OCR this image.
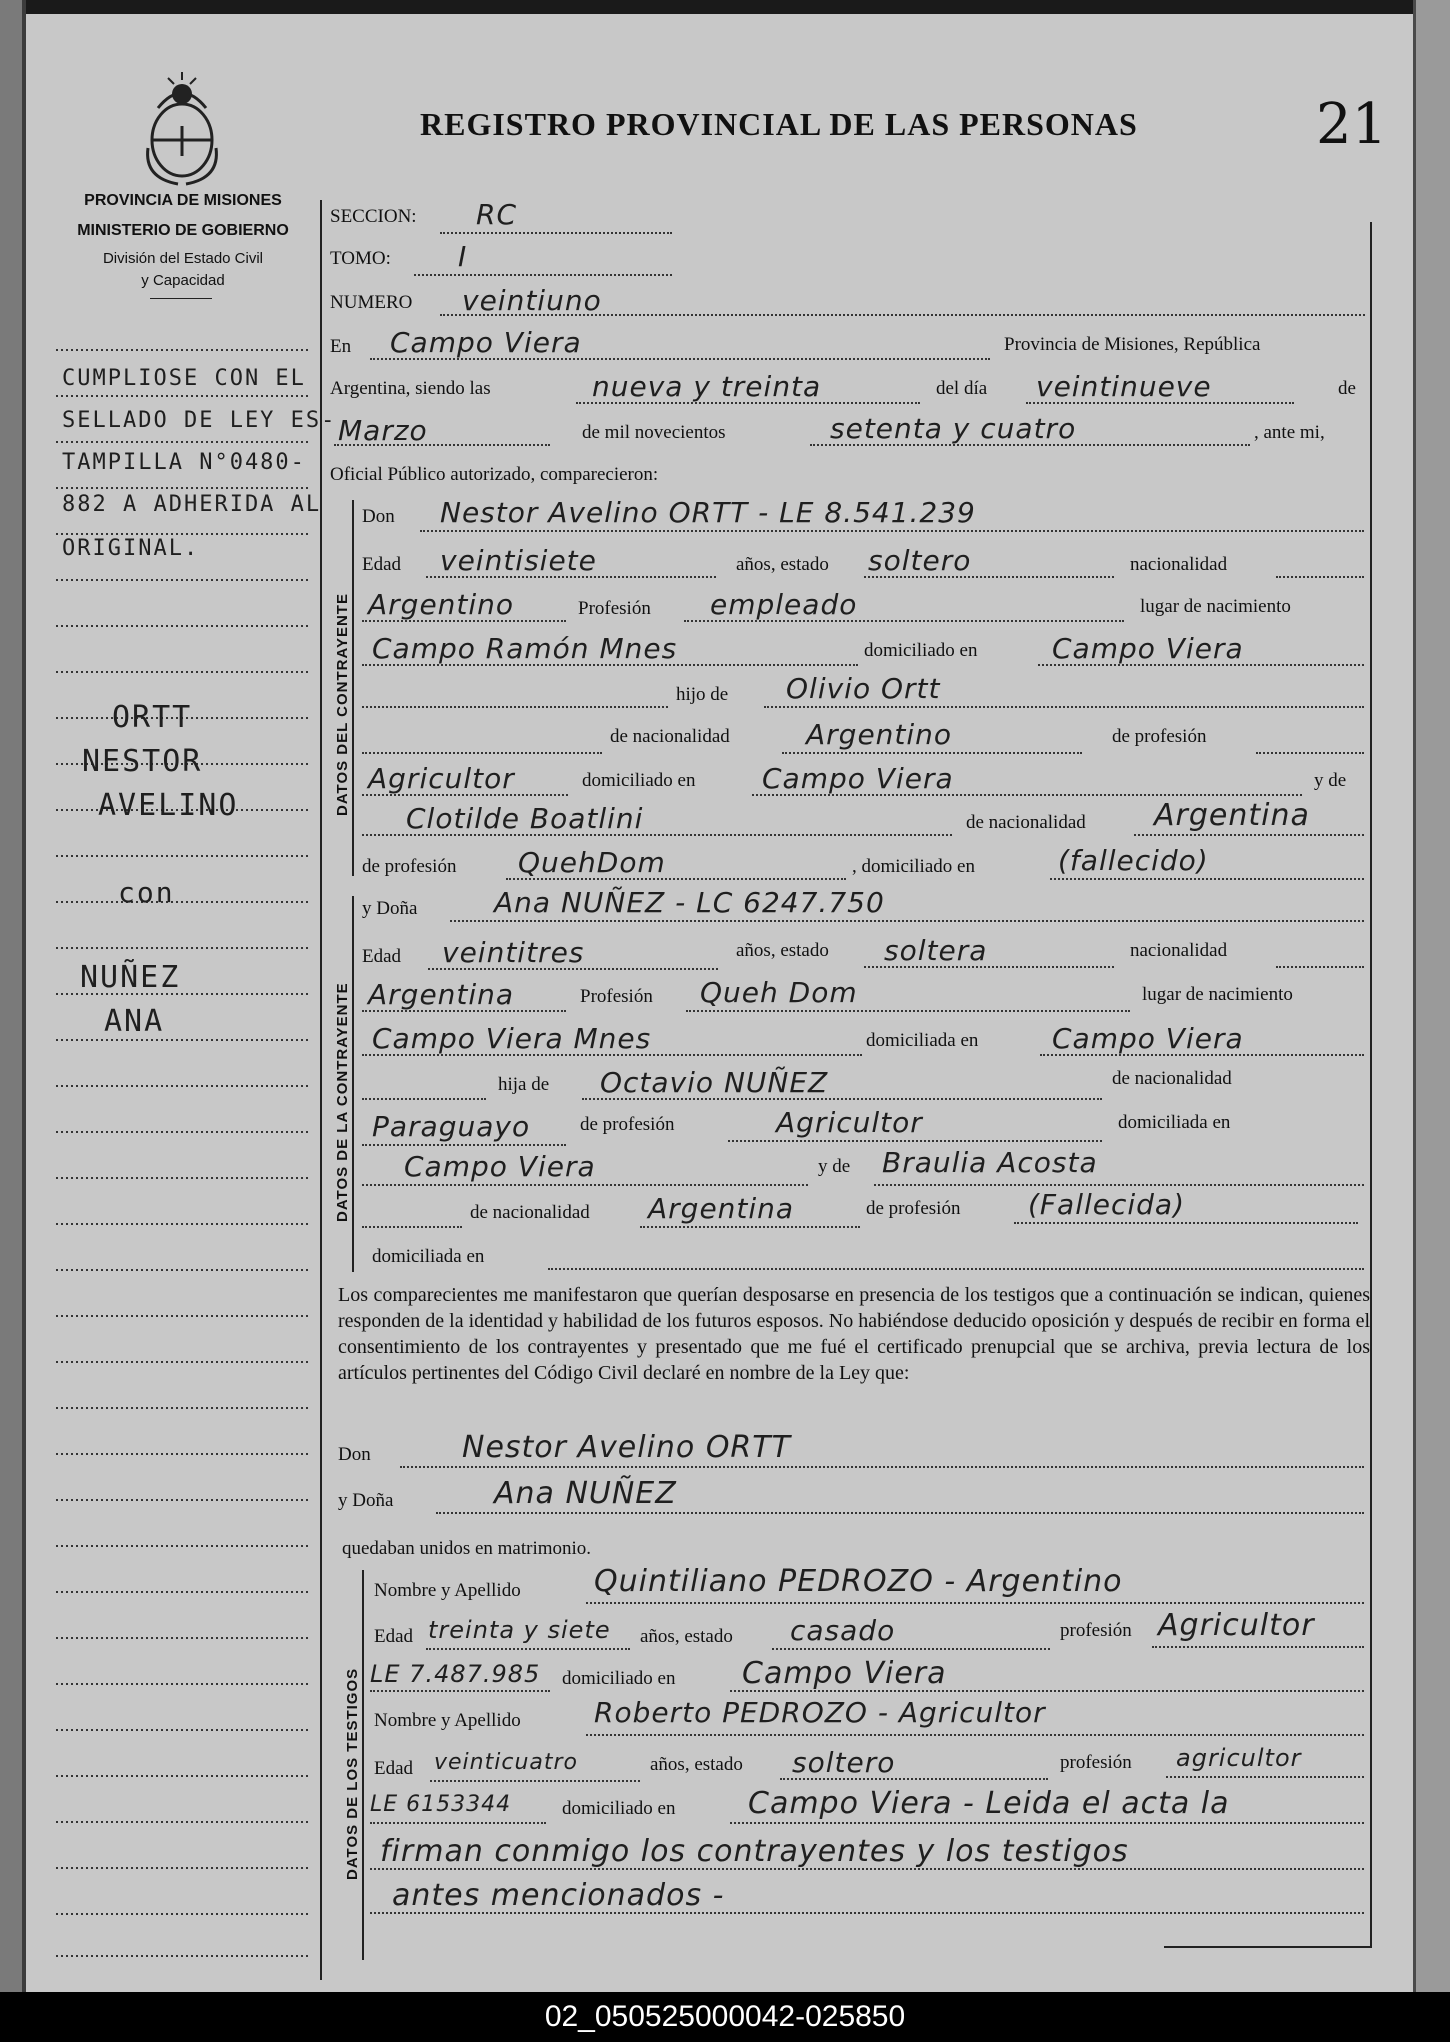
PROVINCIA DE MISIONES
MINISTERIO DE GOBIERNO
División del Estado Civil
y Capacidad
REGISTRO PROVINCIAL DE LAS PERSONAS	21
CUMPLIOSE CON EL
SELLADO DE LEY ES-
TAMPILLA N°0480-
882 A ADHERIDA AL
ORIGINAL.
ORTT
NESTOR
AVELINO
con
NUÑEZ
ANA
SECCION: RC
TOMO: I
NUMERO veintiuno
En Campo Viera	Provincia de Misiones, República
Argentina, siendo las	nueva y treinta	del día veintinueve	de
Marzo	de mil novecientos	setenta y cuatro	, ante mi,
Oficial Público autorizado, comparecieron:
DATOS DEL CONTRAYENTE
Don Nestor Avelino ORTT - LE 8.541.239
Edad veintisiete	años, estado soltero	nacionalidad
Argentino	Profesión empleado	lugar de nacimiento
Campo Ramón Mnes	domiciliado en	Campo Viera
hijo de Olivio Ortt
de nacionalidad	Argentino	de profesión
Agricultor	domiciliado en Campo Viera	y de
Clotilde Boatlini	de nacionalidad Argentina
de profesión QuehDom	, domiciliado en	(fallecido)
DATOS DE LA CONTRAYENTE
y Doña	Ana NUÑEZ - LC 6247.750
Edad veintitres	años, estado soltera	nacionalidad
Argentina	Profesión Queh Dom	lugar de nacimiento
Campo Viera Mnes	domiciliada en	Campo Viera
hija de Octavio NUÑEZ	de nacionalidad
Paraguayo	de profesión	Agricultor	domiciliada en
Campo Viera	y de Braulia Acosta
de nacionalidad Argentina	de profesión (Fallecida)
domiciliada en
Los comparecientes me manifestaron que querían desposarse en presencia de los testigos que a continuación se indican, quienes responden de la identidad y habilidad de los futuros esposos. No habiéndose deducido oposición y después de recibir en forma el consentimiento de los contrayentes y presentado que me fué el certificado prenupcial que se archiva, previa lectura de los artículos pertinentes del Código Civil declaré en nombre de la Ley que:
Don	Nestor Avelino ORTT
y Doña	Ana NUÑEZ
quedaban unidos en matrimonio.
DATOS DE LOS TESTIGOS
Nombre y Apellido Quintiliano PEDROZO - Argentino
Edad treinta y siete años, estado casado	profesión Agricultor
LE 7.487.985 domiciliado en Campo Viera
Nombre y Apellido	Roberto PEDROZO - Agricultor
Edad veinticuatro	años, estado soltero	profesión agricultor
LE 6153344	domiciliado en Campo Viera - Leida el acta la
firman conmigo los contrayentes y los testigos
antes mencionados -
02_050525000042-025850
